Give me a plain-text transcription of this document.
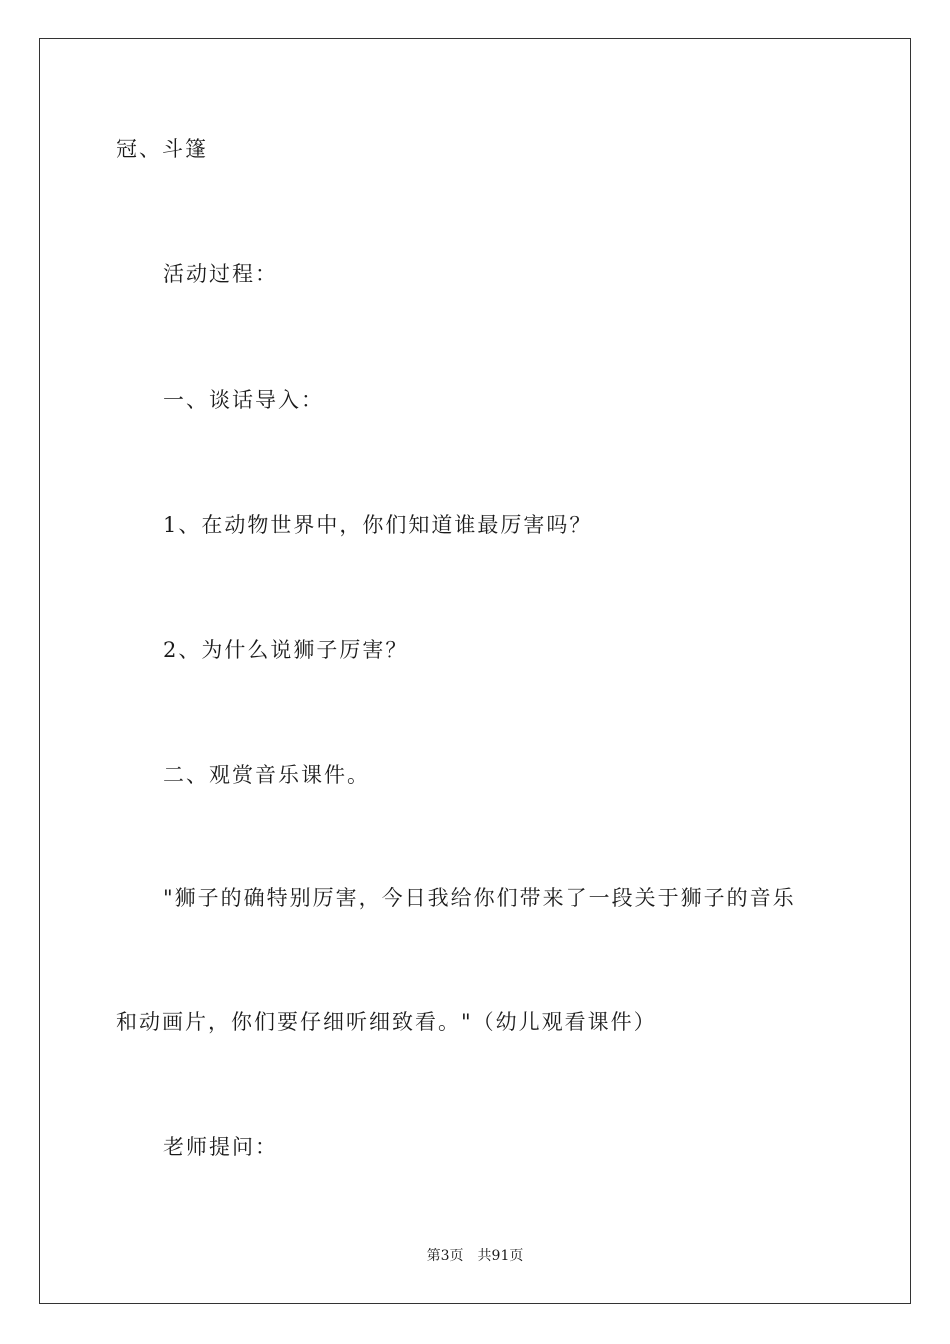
冠、斗篷
活动过程：
一、谈话导入：
1、在动物世界中，你们知道谁最厉害吗？
2、为什么说狮子厉害？
二、观赏音乐课件。
"狮子的确特别厉害，今日我给你们带来了一段关于狮子的音乐
和动画片，你们要仔细听细致看。"（幼儿观看课件）
老师提问：
第3页 共91页
